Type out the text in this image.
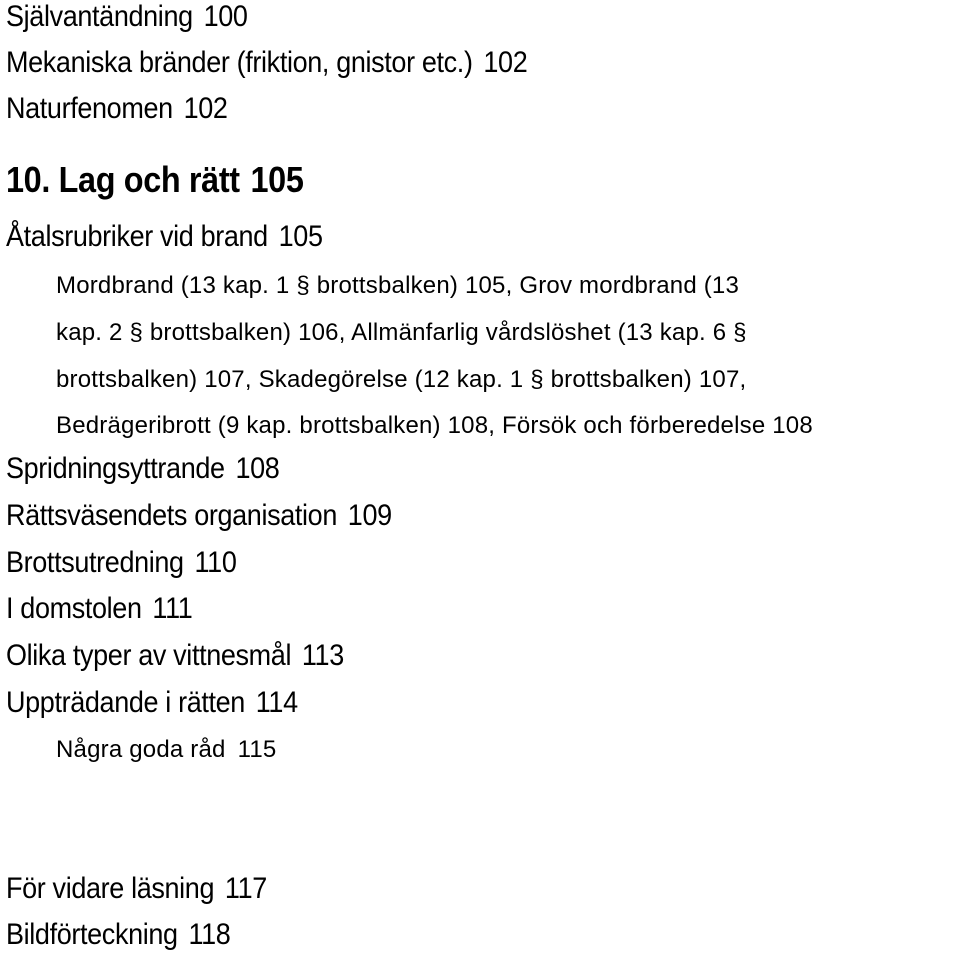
Självantändning 100
Mekaniska bränder (friktion, gnistor etc.) 102
Naturfenomen 102
10. Lag och rätt 105
Åtalsrubriker vid brand 105
Mordbrand (13 kap. 1 § brottsbalken) 105, Grov mordbrand (13
kap. 2 § brottsbalken) 106, Allmänfarlig vårdslöshet (13 kap. 6 §
brottsbalken) 107, Skadegörelse (12 kap. 1 § brottsbalken) 107,
Bedrägeribrott (9 kap. brottsbalken) 108, Försök och förberedelse 108
Spridningsyttrande 108
Rättsväsendets organisation 109
Brottsutredning 110
I domstolen 111
Olika typer av vittnesmål 113
Uppträdande i rätten 114
Några goda råd 115
För vidare läsning 117
Bildförteckning 118
